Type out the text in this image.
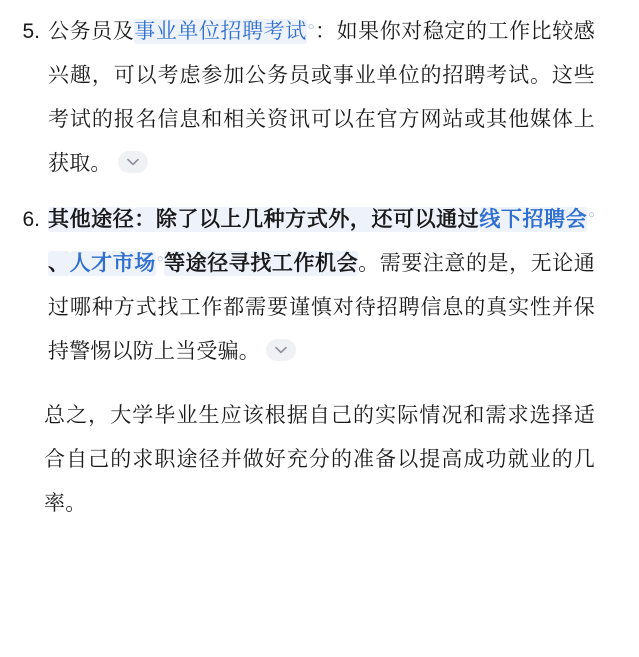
5. 公务员及事业单位招聘考试○：如果你对稳定的工作比较感兴趣，可以考虑参加公务员或事业单位的招聘考试。这些考试的报名信息和相关资讯可以在官方网站或其他媒体上获取。
6. 其他途径：除了以上几种方式外，还可以通过线下招聘会○、人才市场○等途径寻找工作机会。需要注意的是，无论通过哪种方式找工作都需要谨慎对待招聘信息的真实性并保持警惕以防上当受骗。

总之，大学毕业生应该根据自己的实际情况和需求选择适合自己的求职途径并做好充分的准备以提高成功就业的几率。
